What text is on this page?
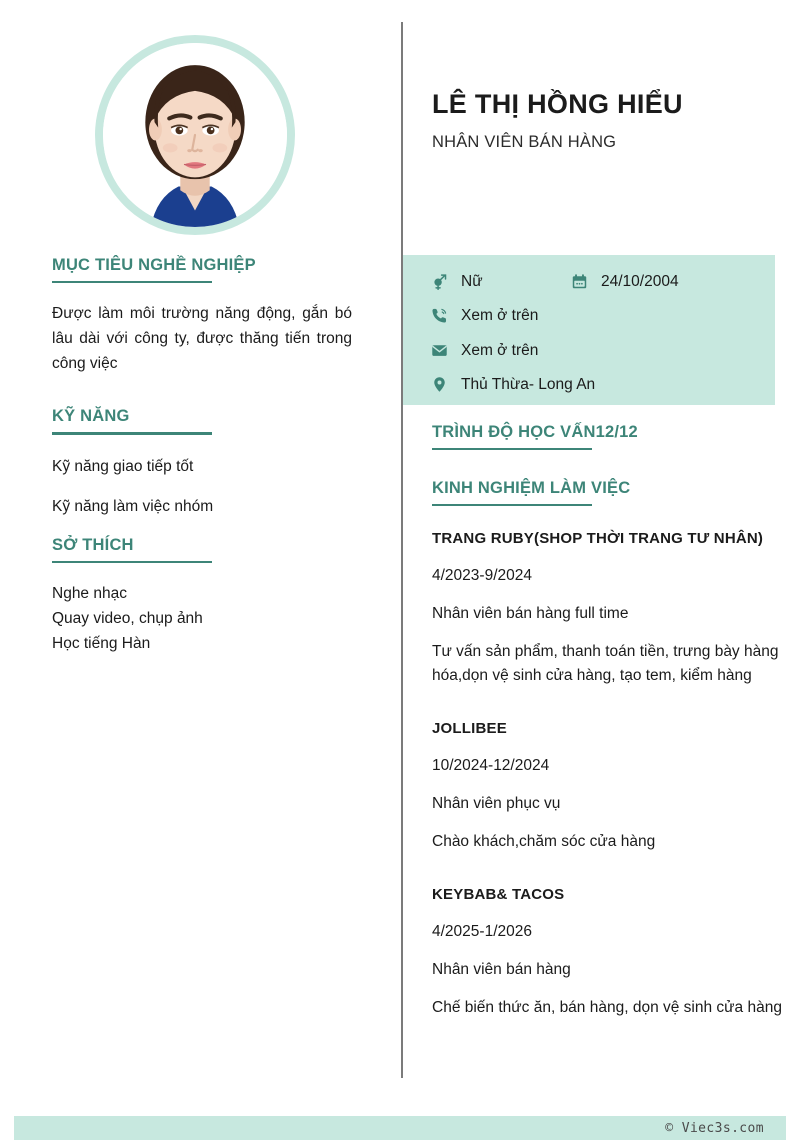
MỤC TIÊU NGHỀ NGHIỆP

Được làm môi trường năng động, gắn bó lâu dài với công ty, được thăng tiến trong công việc

KỸ NĂNG
Kỹ năng giao tiếp tốt
Kỹ năng làm việc nhóm
SỞ THÍCH
Nghe nhạc
Quay video, chụp ảnh
Học tiếng Hàn
LÊ THỊ HỒNG HIỂU
NHÂN VIÊN BÁN HÀNG
Nữ	24/10/2004
Xem ở trên
Xem ở trên
Thủ Thừa- Long An
TRÌNH ĐỘ HỌC VẤN12/12
KINH NGHIỆM LÀM VIỆC
TRANG RUBY(SHOP THỜI TRANG TƯ NHÂN)
4/2023-9/2024
Nhân viên bán hàng full time
Tư vấn sản phẩm, thanh toán tiền, trưng bày hàng hóa,dọn vệ sinh cửa hàng, tạo tem, kiểm hàng
JOLLIBEE
10/2024-12/2024
Nhân viên phục vụ
Chào khách,chăm sóc cửa hàng
KEYBAB& TACOS
4/2025-1/2026
Nhân viên bán hàng
Chế biến thức ăn, bán hàng, dọn vệ sinh cửa hàng
© Viec3s.com
